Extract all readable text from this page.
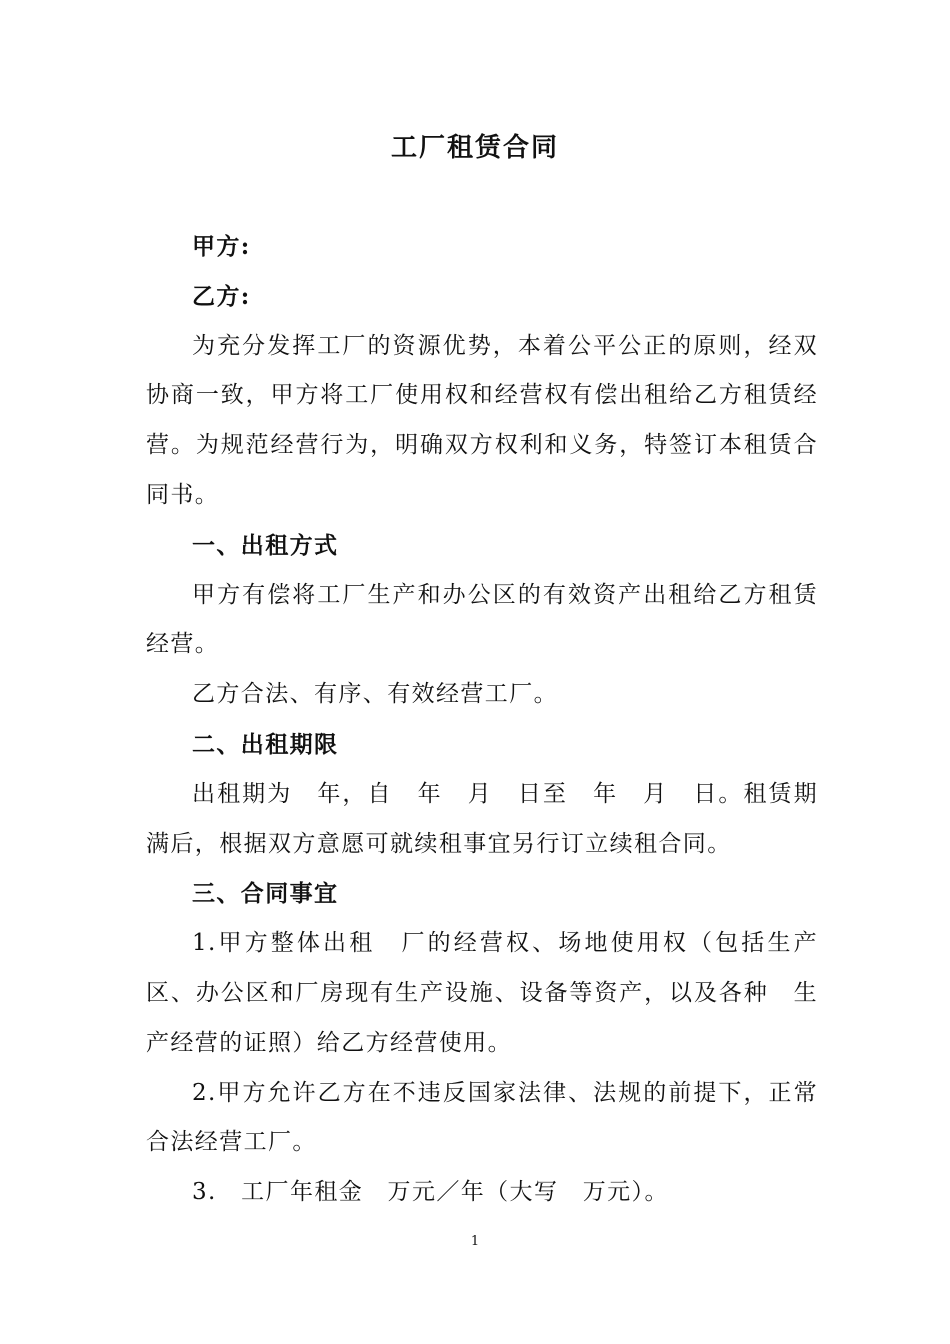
工厂租赁合同

甲方:

乙方:

为充分发挥工厂的资源优势，本着公平公正的原则，经双协商一致，甲方将工厂使用权和经营权有偿出租给乙方租赁经营。为规范经营行为，明确双方权利和义务，特签订本租赁合同书。

一、出租方式

甲方有偿将工厂生产和办公区的有效资产出租给乙方租赁经营。

乙方合法、有序、有效经营工厂。

二、出租期限

出租期为　年，自　年　月　日至　年　月　日。租赁期满后，根据双方意愿可就续租事宜另行订立续租合同。

三、合同事宜

1.甲方整体出租　厂的经营权、场地使用权（包括生产区、办公区和厂房现有生产设施、设备等资产，以及各种　生产经营的证照）给乙方经营使用。

2.甲方允许乙方在不违反国家法律、法规的前提下，正常合法经营工厂。

3.　工厂年租金　万元／年（大写　万元）。

1
